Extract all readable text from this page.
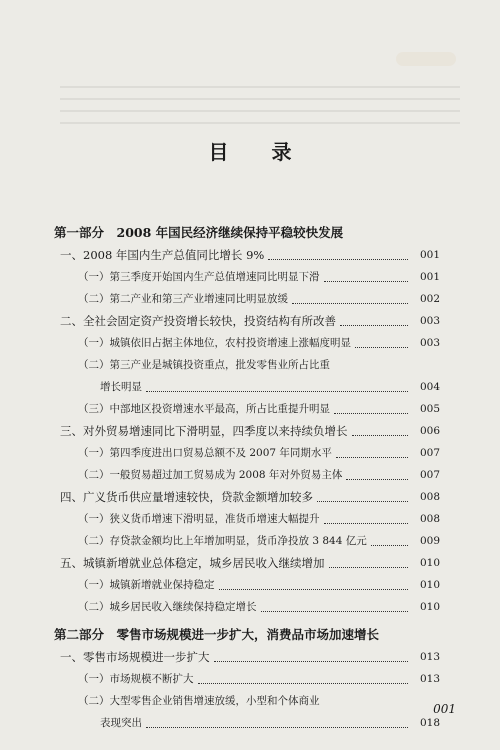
目 录
第一部分　2008 年国民经济继续保持平稳较快发展
一、2008 年国内生产总值同比增长 9%	001
（一）第三季度开始国内生产总值增速同比明显下滑	001
（二）第二产业和第三产业增速同比明显放缓	002
二、全社会固定资产投资增长较快，投资结构有所改善	003
（一）城镇依旧占据主体地位，农村投资增速上涨幅度明显	003
（二）第三产业是城镇投资重点，批发零售业所占比重
增长明显	004
（三）中部地区投资增速水平最高，所占比重提升明显	005
三、对外贸易增速同比下滑明显，四季度以来持续负增长	006
（一）第四季度进出口贸易总额不及 2007 年同期水平	007
（二）一般贸易超过加工贸易成为 2008 年对外贸易主体	007
四、广义货币供应量增速较快，贷款金额增加较多	008
（一）狭义货币增速下滑明显，准货币增速大幅提升	008
（二）存贷款金额均比上年增加明显，货币净投放 3 844 亿元	009
五、城镇新增就业总体稳定，城乡居民收入继续增加	010
（一）城镇新增就业保持稳定	010
（二）城乡居民收入继续保持稳定增长	010
第二部分　零售市场规模进一步扩大，消费品市场加速增长
一、零售市场规模进一步扩大	013
（一）市场规模不断扩大	013
（二）大型零售企业销售增速放缓，小型和个体商业
表现突出	018
001
